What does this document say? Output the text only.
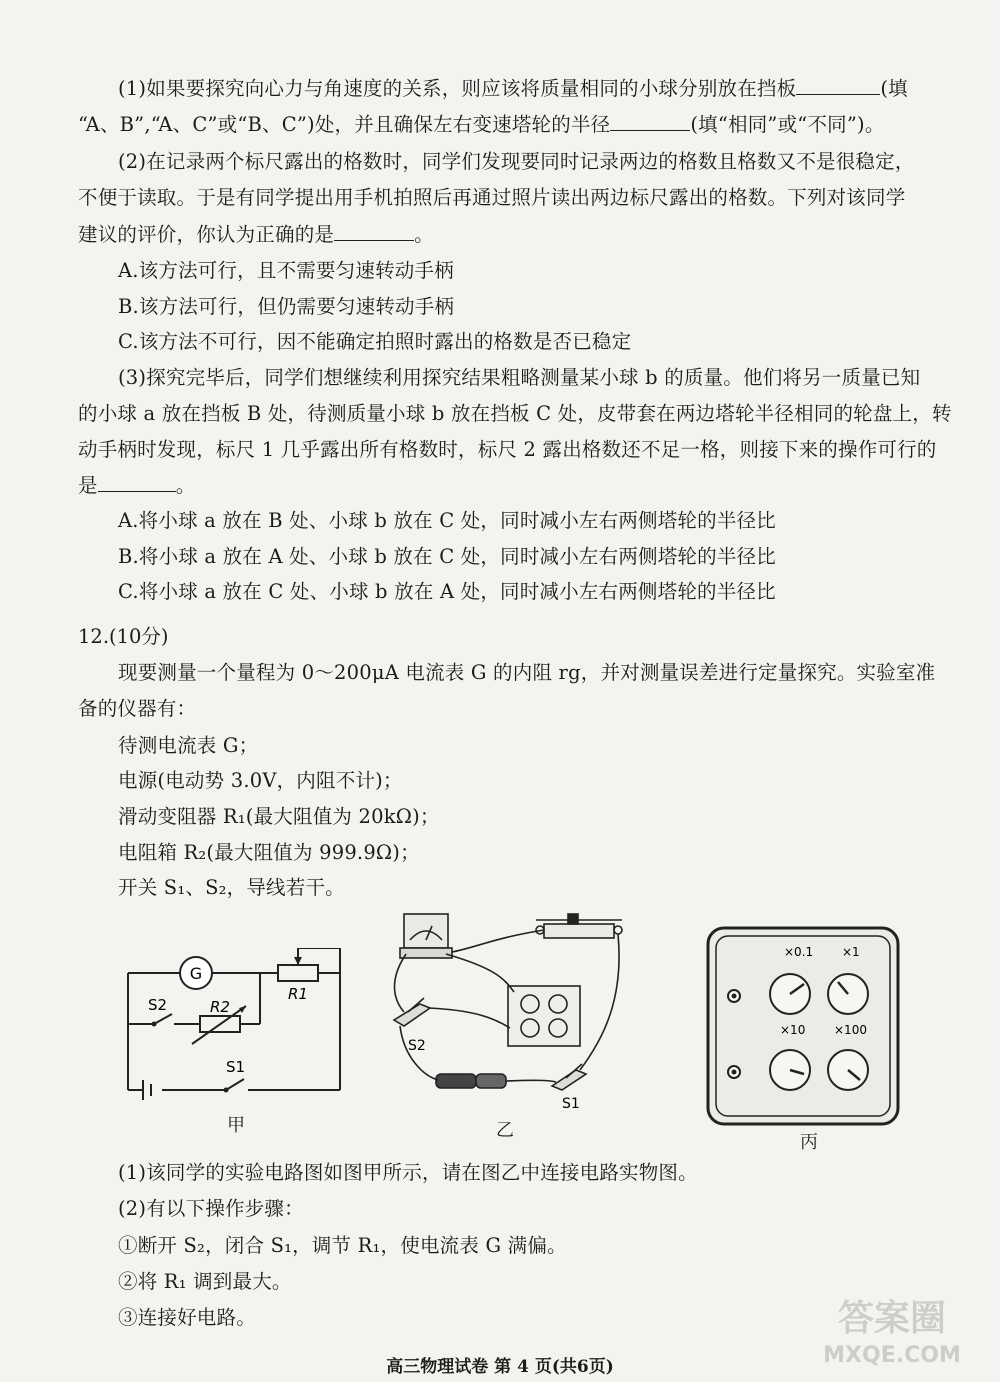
(1)如果要探究向心力与角速度的关系，则应该将质量相同的小球分别放在挡板	(填
“A、B”,“A、C”或“B、C”)处，并且确保左右变速塔轮的半径	(填“相同”或“不同”)。
(2)在记录两个标尺露出的格数时，同学们发现要同时记录两边的格数且格数又不是很稳定，
不便于读取。于是有同学提出用手机拍照后再通过照片读出两边标尺露出的格数。下列对该同学
建议的评价，你认为正确的是	。
A.该方法可行，且不需要匀速转动手柄
B.该方法可行，但仍需要匀速转动手柄
C.该方法不可行，因不能确定拍照时露出的格数是否已稳定
(3)探究完毕后，同学们想继续利用探究结果粗略测量某小球 b 的质量。他们将另一质量已知
的小球 a 放在挡板 B 处，待测质量小球 b 放在挡板 C 处，皮带套在两边塔轮半径相同的轮盘上，转
动手柄时发现，标尺 1 几乎露出所有格数时，标尺 2 露出格数还不足一格，则接下来的操作可行的
是	。
A.将小球 a 放在 B 处、小球 b 放在 C 处，同时减小左右两侧塔轮的半径比
B.将小球 a 放在 A 处、小球 b 放在 C 处，同时减小左右两侧塔轮的半径比
C.将小球 a 放在 C 处、小球 b 放在 A 处，同时减小左右两侧塔轮的半径比
12.(10分)
现要测量一个量程为 0～200μA 电流表 G 的内阻 rg，并对测量误差进行定量探究。实验室准
备的仪器有：
待测电流表 G；
电源(电动势 3.0V，内阻不计)；
滑动变阻器 R₁(最大阻值为 20kΩ)；
电阻箱 R₂(最大阻值为 999.9Ω)；
开关 S₁、S₂，导线若干。
G
R1
R2
S2
S1
甲
S2
S1
乙
×0.1 ×1
×10 ×100
丙
(1)该同学的实验电路图如图甲所示，请在图乙中连接电路实物图。
(2)有以下操作步骤：
①断开 S₂，闭合 S₁，调节 R₁，使电流表 G 满偏。
②将 R₁ 调到最大。
③连接好电路。
高三物理试卷 第 4 页(共6页)
答案圈
MXQE.COM
